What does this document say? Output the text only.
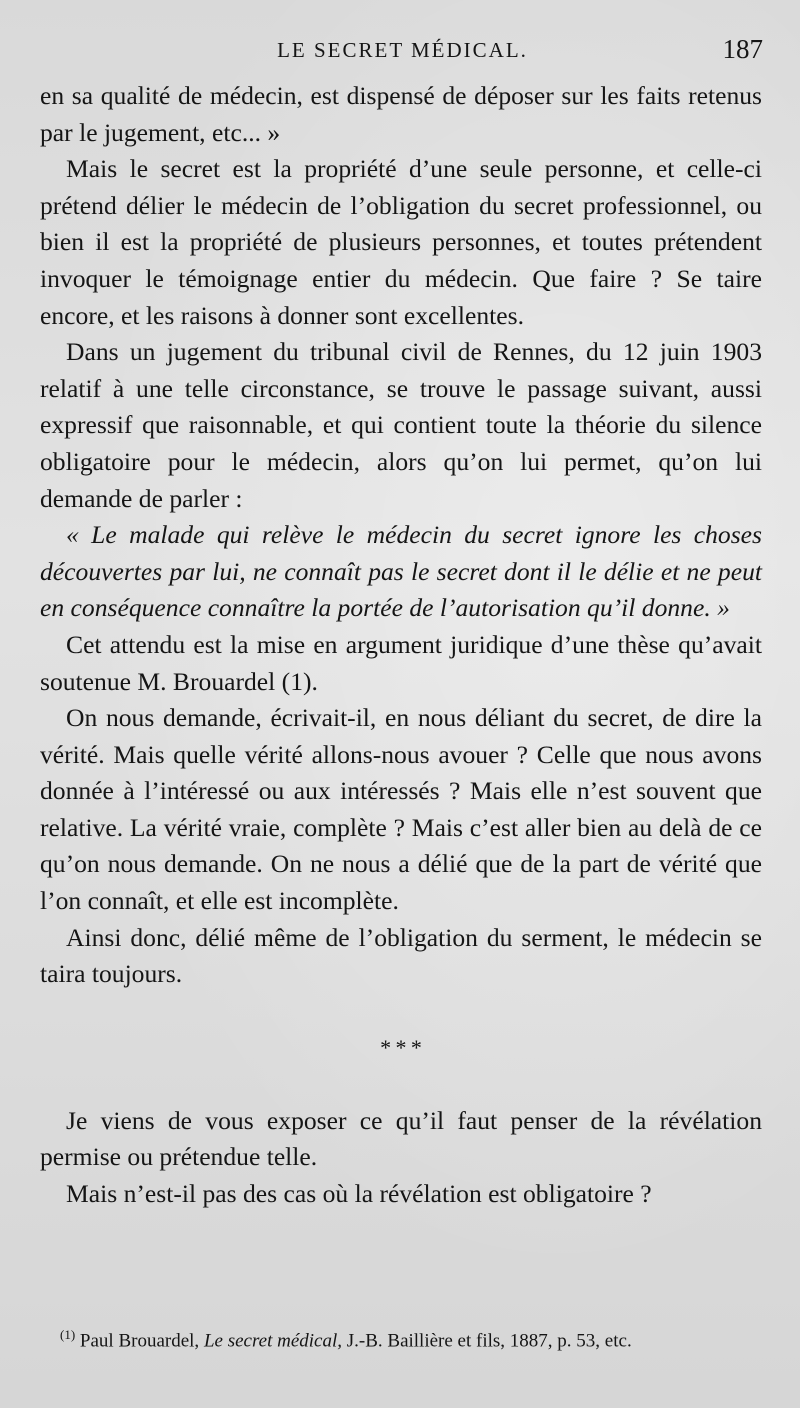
LE SECRET MÉDICAL.	187

en sa qualité de médecin, est dispensé de déposer sur les faits retenus par le jugement, etc... »

Mais le secret est la propriété d’une seule personne, et celle-ci prétend délier le médecin de l’obligation du secret professionnel, ou bien il est la propriété de plusieurs personnes, et toutes prétendent invoquer le témoignage entier du médecin. Que faire ? Se taire encore, et les raisons à donner sont excellentes.

Dans un jugement du tribunal civil de Rennes, du 12 juin 1903 relatif à une telle circonstance, se trouve le passage suivant, aussi expressif que raisonnable, et qui contient toute la théorie du silence obligatoire pour le médecin, alors qu’on lui permet, qu’on lui demande de parler :

« Le malade qui relève le médecin du secret ignore les choses découvertes par lui, ne connaît pas le secret dont il le délie et ne peut en conséquence connaître la portée de l’autorisation qu’il donne. »

Cet attendu est la mise en argument juridique d’une thèse qu’avait soutenue M. Brouardel (1).

On nous demande, écrivait-il, en nous déliant du secret, de dire la vérité. Mais quelle vérité allons-nous avouer ? Celle que nous avons donnée à l’intéressé ou aux intéressés ? Mais elle n’est souvent que relative. La vérité vraie, complète ? Mais c’est aller bien au delà de ce qu’on nous demande. On ne nous a délié que de la part de vérité que l’on connaît, et elle est incomplète.

Ainsi donc, délié même de l’obligation du serment, le médecin se taira toujours.

* * *

Je viens de vous exposer ce qu’il faut penser de la révélation permise ou prétendue telle.

Mais n’est-il pas des cas où la révélation est obligatoire ?

$^{(1)}$ Paul Brouardel, Le secret médical, J.-B. Baillière et fils, 1887, p. 53, etc.
